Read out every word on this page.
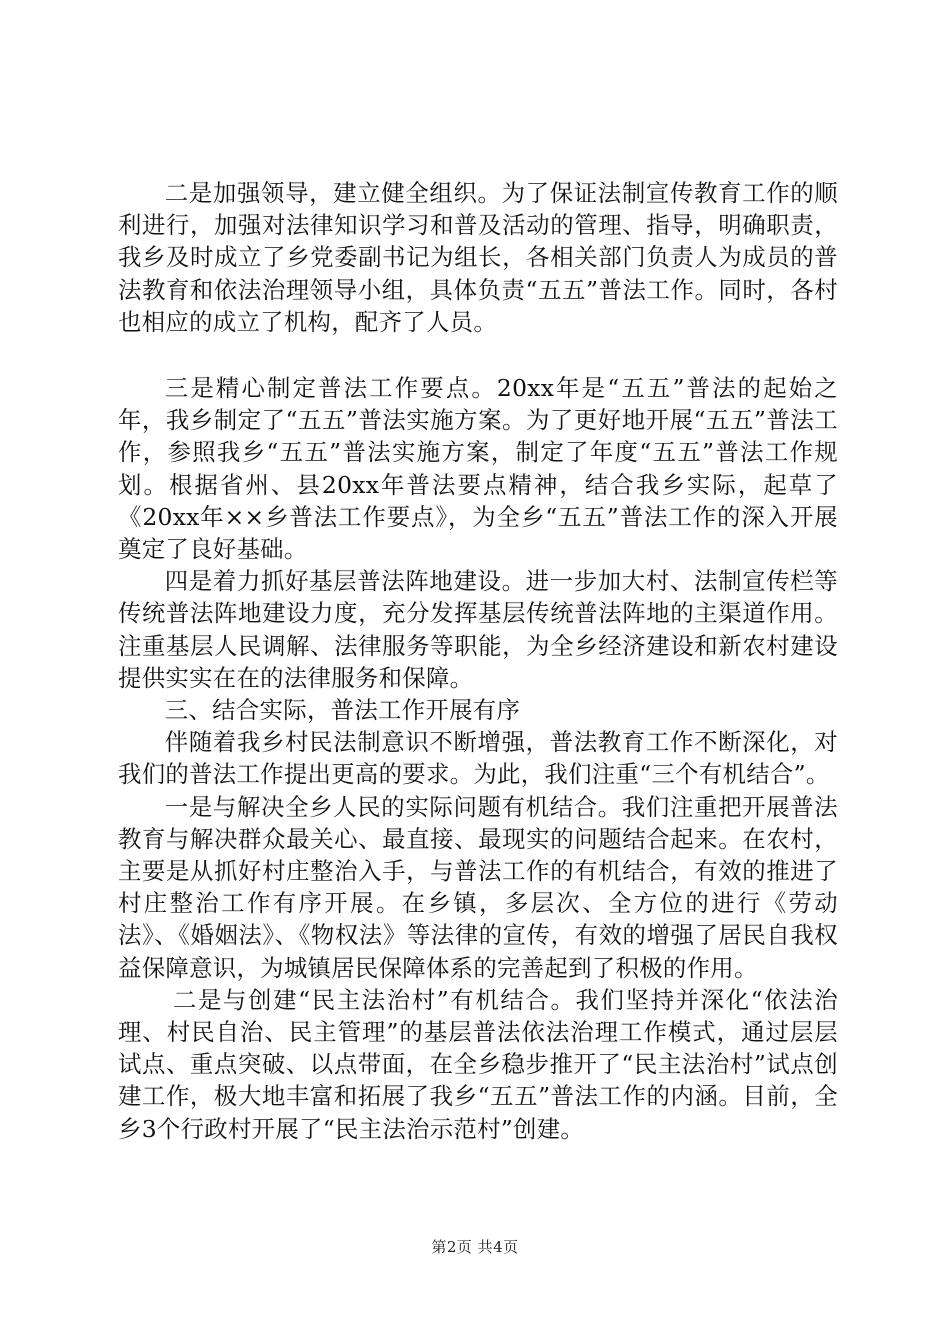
二是加强领导，建立健全组织。为了保证法制宣传教育工作的顺利进行，加强对法律知识学习和普及活动的管理、指导，明确职责，我乡及时成立了乡党委副书记为组长，各相关部门负责人为成员的普法教育和依法治理领导小组，具体负责“五五”普法工作。同时，各村也相应的成立了机构，配齐了人员。

三是精心制定普法工作要点。20xx年是“五五”普法的起始之年，我乡制定了“五五”普法实施方案。为了更好地开展“五五”普法工作，参照我乡“五五”普法实施方案，制定了年度“五五”普法工作规划。根据省州、县20xx年普法要点精神，结合我乡实际，起草了《20xx年××乡普法工作要点》，为全乡“五五”普法工作的深入开展奠定了良好基础。

四是着力抓好基层普法阵地建设。进一步加大村、法制宣传栏等传统普法阵地建设力度，充分发挥基层传统普法阵地的主渠道作用。注重基层人民调解、法律服务等职能，为全乡经济建设和新农村建设提供实实在在的法律服务和保障。

三、结合实际，普法工作开展有序

伴随着我乡村民法制意识不断增强，普法教育工作不断深化，对我们的普法工作提出更高的要求。为此，我们注重“三个有机结合”。

一是与解决全乡人民的实际问题有机结合。我们注重把开展普法教育与解决群众最关心、最直接、最现实的问题结合起来。在农村，主要是从抓好村庄整治入手，与普法工作的有机结合，有效的推进了村庄整治工作有序开展。在乡镇，多层次、全方位的进行《劳动法》、《婚姻法》、《物权法》等法律的宣传，有效的增强了居民自我权益保障意识，为城镇居民保障体系的完善起到了积极的作用。

二是与创建“民主法治村”有机结合。我们坚持并深化“依法治理、村民自治、民主管理”的基层普法依法治理工作模式，通过层层试点、重点突破、以点带面，在全乡稳步推开了“民主法治村”试点创建工作，极大地丰富和拓展了我乡“五五”普法工作的内涵。目前，全乡3个行政村开展了“民主法治示范村”创建。

第2页 共4页
